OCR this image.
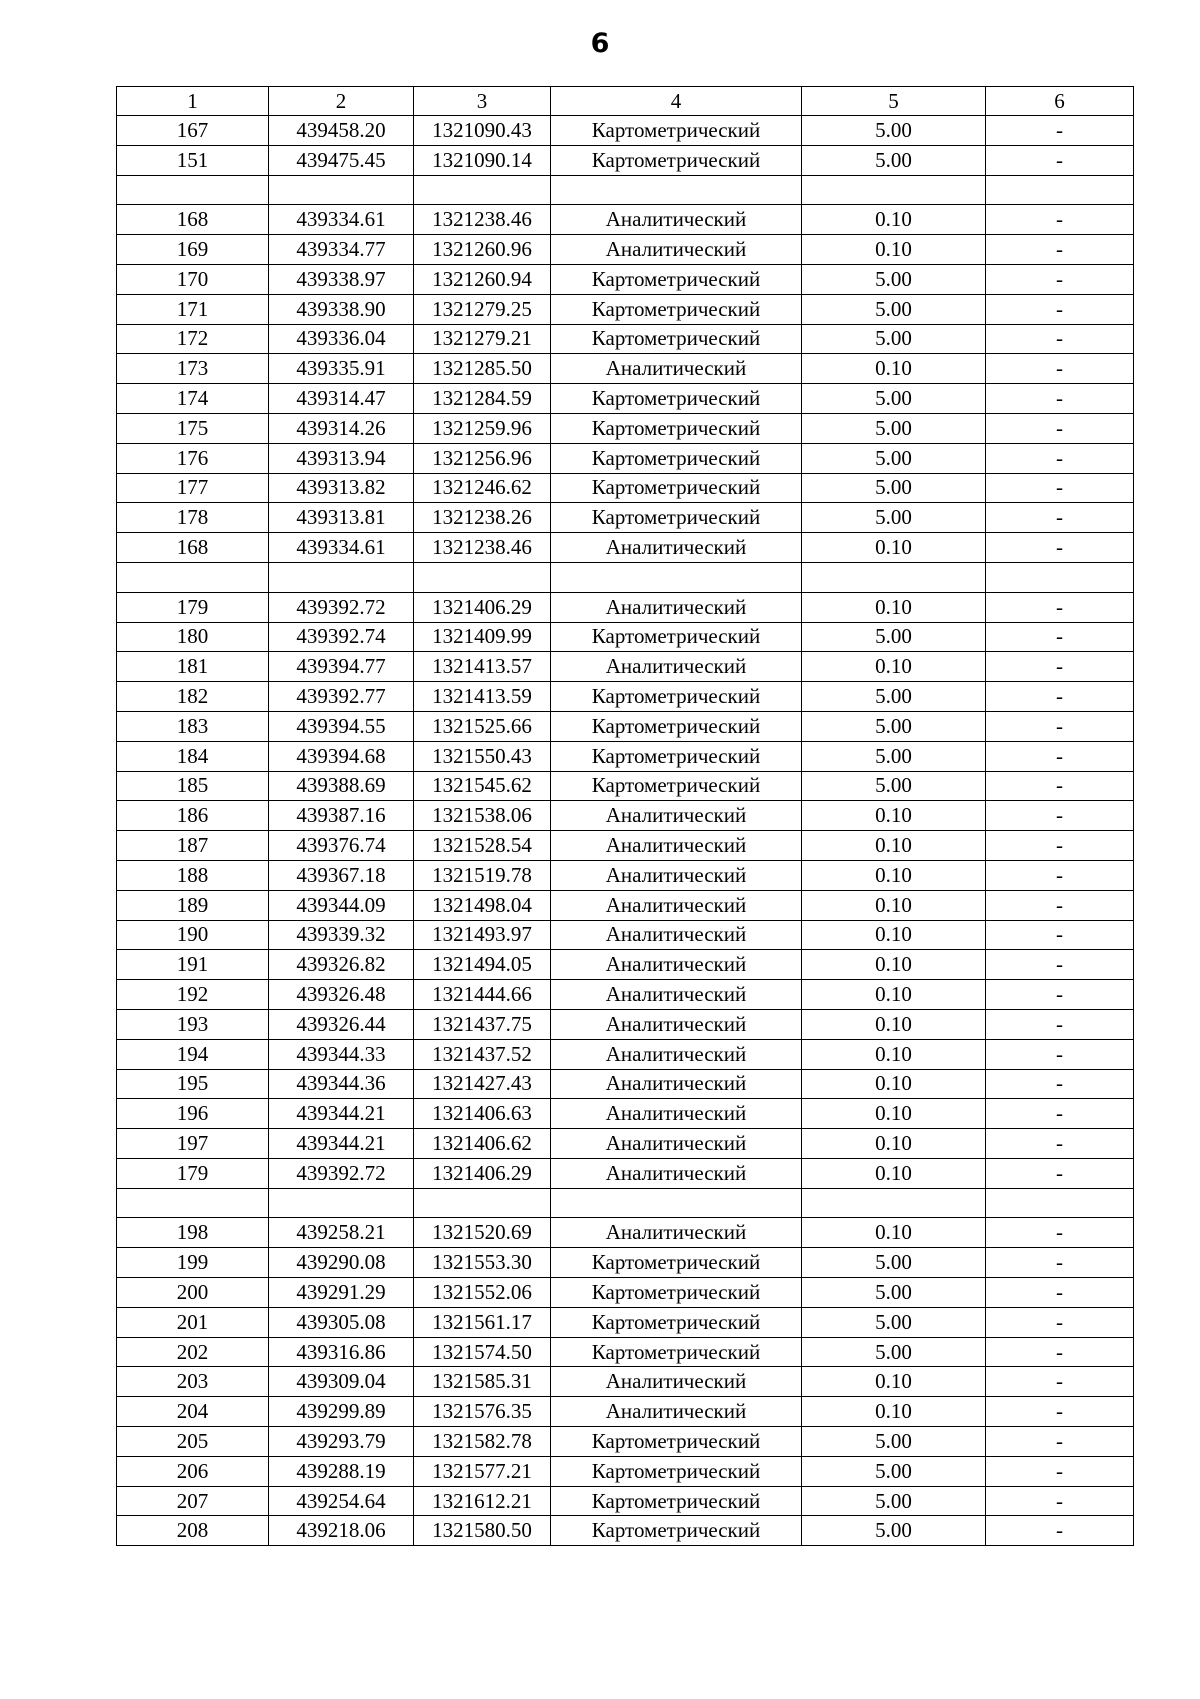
6
1	2	3	4	5	6
167	439458.20	1321090.43	Картометрический	5.00	-
151	439475.45	1321090.14	Картометрический	5.00	-

168	439334.61	1321238.46	Аналитический	0.10	-
169	439334.77	1321260.96	Аналитический	0.10	-
170	439338.97	1321260.94	Картометрический	5.00	-
171	439338.90	1321279.25	Картометрический	5.00	-
172	439336.04	1321279.21	Картометрический	5.00	-
173	439335.91	1321285.50	Аналитический	0.10	-
174	439314.47	1321284.59	Картометрический	5.00	-
175	439314.26	1321259.96	Картометрический	5.00	-
176	439313.94	1321256.96	Картометрический	5.00	-
177	439313.82	1321246.62	Картометрический	5.00	-
178	439313.81	1321238.26	Картометрический	5.00	-
168	439334.61	1321238.46	Аналитический	0.10	-

179	439392.72	1321406.29	Аналитический	0.10	-
180	439392.74	1321409.99	Картометрический	5.00	-
181	439394.77	1321413.57	Аналитический	0.10	-
182	439392.77	1321413.59	Картометрический	5.00	-
183	439394.55	1321525.66	Картометрический	5.00	-
184	439394.68	1321550.43	Картометрический	5.00	-
185	439388.69	1321545.62	Картометрический	5.00	-
186	439387.16	1321538.06	Аналитический	0.10	-
187	439376.74	1321528.54	Аналитический	0.10	-
188	439367.18	1321519.78	Аналитический	0.10	-
189	439344.09	1321498.04	Аналитический	0.10	-
190	439339.32	1321493.97	Аналитический	0.10	-
191	439326.82	1321494.05	Аналитический	0.10	-
192	439326.48	1321444.66	Аналитический	0.10	-
193	439326.44	1321437.75	Аналитический	0.10	-
194	439344.33	1321437.52	Аналитический	0.10	-
195	439344.36	1321427.43	Аналитический	0.10	-
196	439344.21	1321406.63	Аналитический	0.10	-
197	439344.21	1321406.62	Аналитический	0.10	-
179	439392.72	1321406.29	Аналитический	0.10	-

198	439258.21	1321520.69	Аналитический	0.10	-
199	439290.08	1321553.30	Картометрический	5.00	-
200	439291.29	1321552.06	Картометрический	5.00	-
201	439305.08	1321561.17	Картометрический	5.00	-
202	439316.86	1321574.50	Картометрический	5.00	-
203	439309.04	1321585.31	Аналитический	0.10	-
204	439299.89	1321576.35	Аналитический	0.10	-
205	439293.79	1321582.78	Картометрический	5.00	-
206	439288.19	1321577.21	Картометрический	5.00	-
207	439254.64	1321612.21	Картометрический	5.00	-
208	439218.06	1321580.50	Картометрический	5.00	-
